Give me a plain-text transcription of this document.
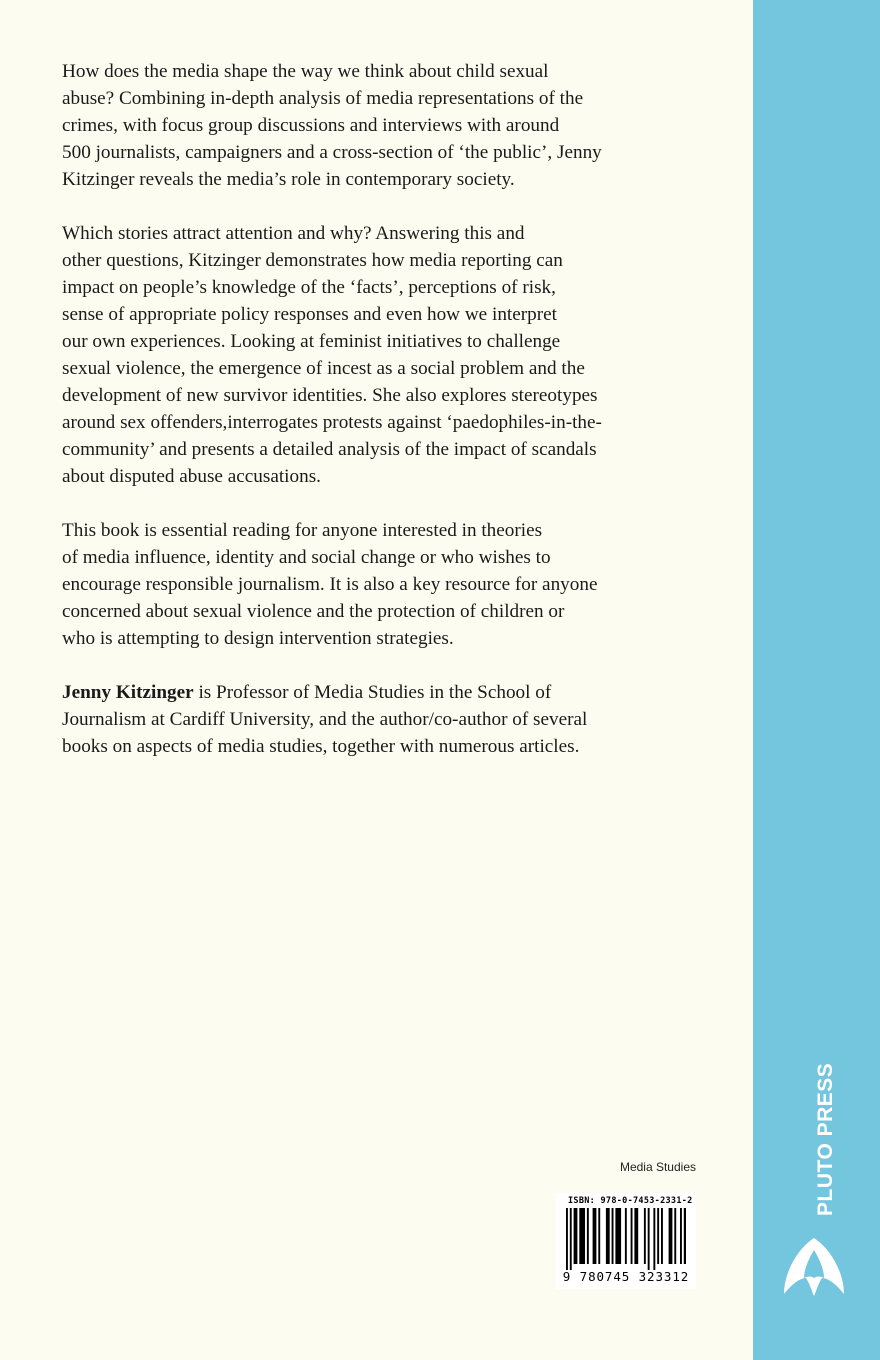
How does the media shape the way we think about child sexual
abuse? Combining in-depth analysis of media representations of the
crimes, with focus group discussions and interviews with around
500 journalists, campaigners and a cross-section of ‘the public’, Jenny
Kitzinger reveals the media’s role in contemporary society.

Which stories attract attention and why? Answering this and
other questions, Kitzinger demonstrates how media reporting can
impact on people’s knowledge of the ‘facts’, perceptions of risk,
sense of appropriate policy responses and even how we interpret
our own experiences. Looking at feminist initiatives to challenge
sexual violence, the emergence of incest as a social problem and the
development of new survivor identities. She also explores stereotypes
around sex offenders,interrogates protests against ‘paedophiles-in-the-
community’ and presents a detailed analysis of the impact of scandals
about disputed abuse accusations.

This book is essential reading for anyone interested in theories
of media influence, identity and social change or who wishes to
encourage responsible journalism. It is also a key resource for anyone
concerned about sexual violence and the protection of children or
who is attempting to design intervention strategies.

Jenny Kitzinger is Professor of Media Studies in the School of
Journalism at Cardiff University, and the author/co-author of several
books on aspects of media studies, together with numerous articles.

PLUTO PRESS
Media Studies
ISBN: 978-0-7453-2331-2
9 780745 323312
